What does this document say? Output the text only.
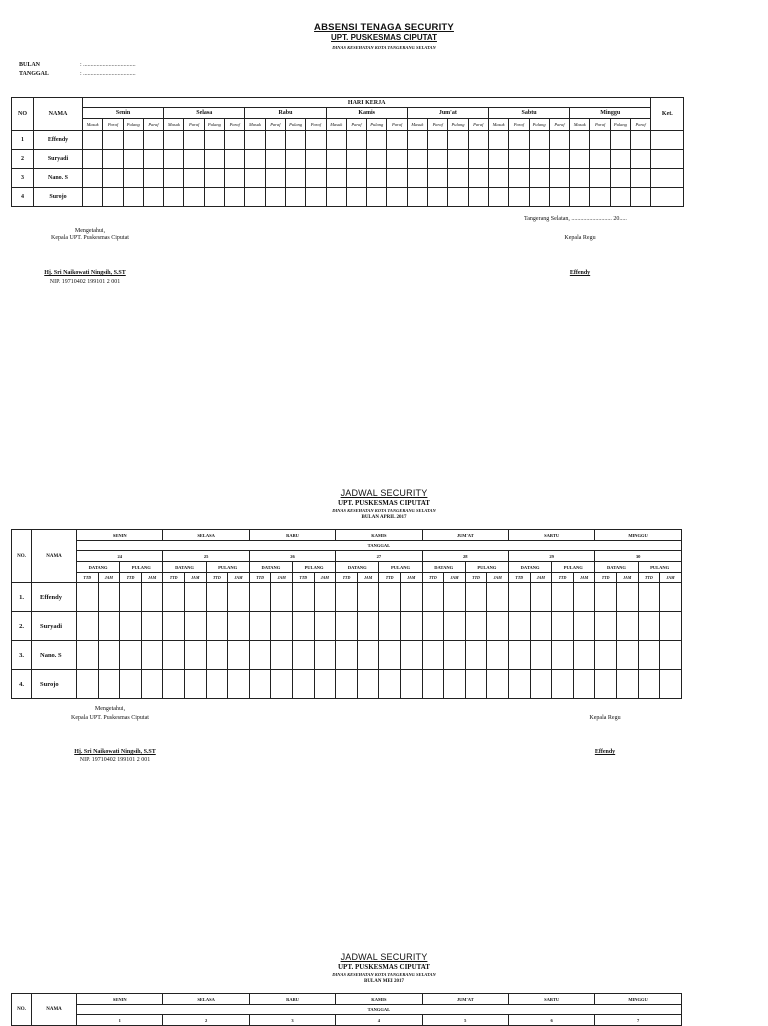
ABSENSI TENAGA SECURITY
UPT. PUSKESMAS CIPUTAT
DINAS KESEHATAN KOTA TANGERANG SELATAN
BULAN	: ...................................
TANGGAL	: ...................................
NO	NAMA	HARI KERJA																												Ket.
		Senin				Selasa				Rabu				Kamis				Jum'at				Sabtu				Minggu				
		Masuk	Paraf	Pulang	Paraf	Masuk	Paraf	Pulang	Paraf	Masuk	Paraf	Pulang	Paraf	Masuk	Paraf	Pulang	Paraf	Masuk	Paraf	Pulang	Paraf	Masuk	Paraf	Pulang	Paraf	Masuk	Paraf	Pulang	Paraf	
1	Effendy																													
2	Suryadi																													
3	Nano. S																													
4	Surojo																													
Tangerang Selatan, ........................... 20.....
Mengetahui,
Kepala UPT. Puskesmas Ciputat	Kepala Regu
Hj. Sri Naikowati Ningsih, S.ST
NIP. 19710402 199101 2 001
Effendy
JADWAL SECURITY
UPT. PUSKESMAS CIPUTAT
DINAS KESEHATAN KOTA TANGERANG SELATAN
BULAN APRIL 2017
NO.	NAMA	SENIN				SELASA				RABU				KAMIS				JUM'AT				SABTU				MINGGU			
		TANGGAL																											
		24				25				26				27				28				29				30			
		DATANG		PULANG		DATANG		PULANG		DATANG		PULANG		DATANG		PULANG		DATANG		PULANG		DATANG		PULANG		DATANG		PULANG	
		TTD	JAM	TTD	JAM	TTD	JAM	TTD	JAM	TTD	JAM	TTD	JAM	TTD	JAM	TTD	JAM	TTD	JAM	TTD	JAM	TTD	JAM	TTD	JAM	TTD	JAM	TTD	JAM
1.	Effendy																												
2.	Suryadi																												
3.	Nano. S																												
4.	Surojo																												
Mengetahui,
Kepala UPT. Puskesmas Ciputat	Kepala Regu
Hj. Sri Naikowati Ningsih, S.ST
NIP. 19710402 199101 2 001
Effendy
JADWAL SECURITY
UPT. PUSKESMAS CIPUTAT
DINAS KESEHATAN KOTA TANGERANG SELATAN
BULAN MEI 2017
NO.	NAMA	SENIN	SELASA	RABU	KAMIS	JUM'AT	SABTU	MINGGU
		TANGGAL						
		1	2	3	4	5	6	7
